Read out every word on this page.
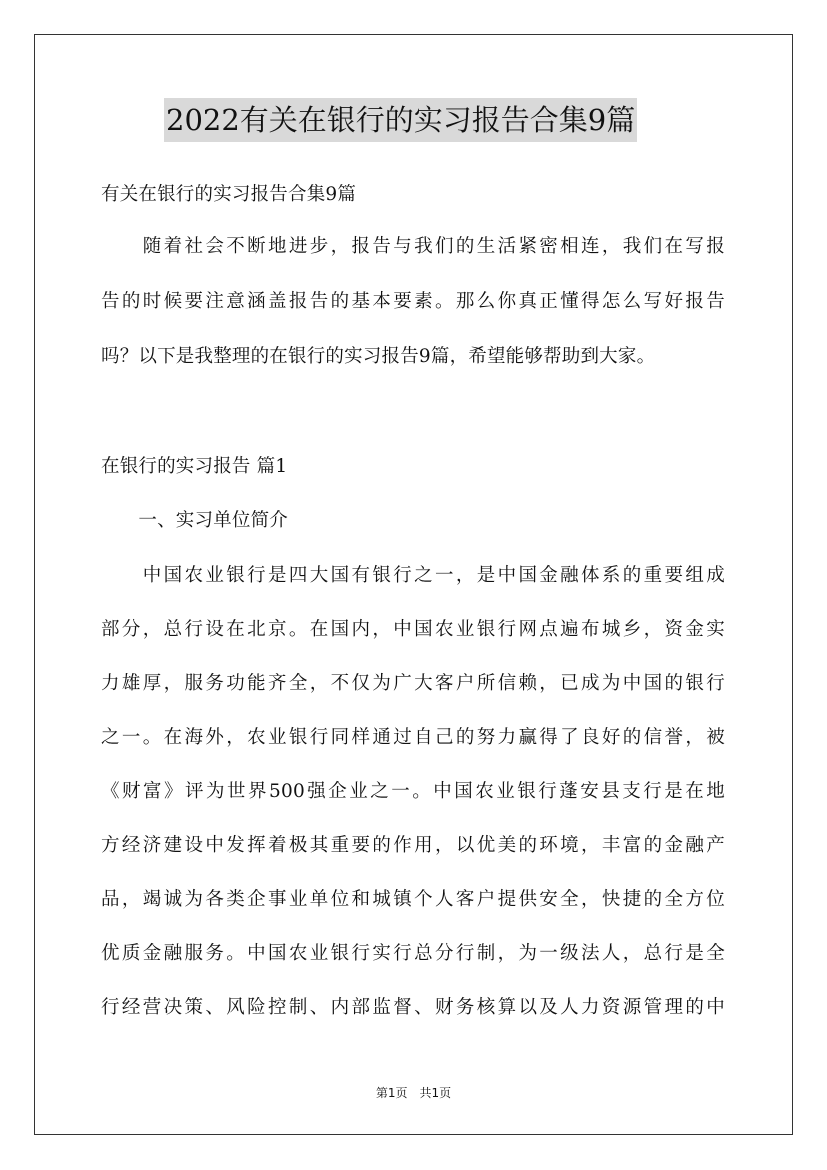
2022有关在银行的实习报告合集9篇
有关在银行的实习报告合集9篇
　　随着社会不断地进步，报告与我们的生活紧密相连，我们在写报
告的时候要注意涵盖报告的基本要素。那么你真正懂得怎么写好报告
吗？以下是我整理的在银行的实习报告9篇，希望能够帮助到大家。
在银行的实习报告 篇1
　　一、实习单位简介
　　中国农业银行是四大国有银行之一，是中国金融体系的重要组成
部分，总行设在北京。在国内，中国农业银行网点遍布城乡，资金实
力雄厚，服务功能齐全，不仅为广大客户所信赖，已成为中国的银行
之一。在海外，农业银行同样通过自己的努力赢得了良好的信誉，被
《财富》评为世界500强企业之一。中国农业银行蓬安县支行是在地
方经济建设中发挥着极其重要的作用，以优美的环境，丰富的金融产
品，竭诚为各类企事业单位和城镇个人客户提供安全，快捷的全方位
优质金融服务。中国农业银行实行总分行制，为一级法人，总行是全
行经营决策、风险控制、内部监督、财务核算以及人力资源管理的中
第1页　共1页
